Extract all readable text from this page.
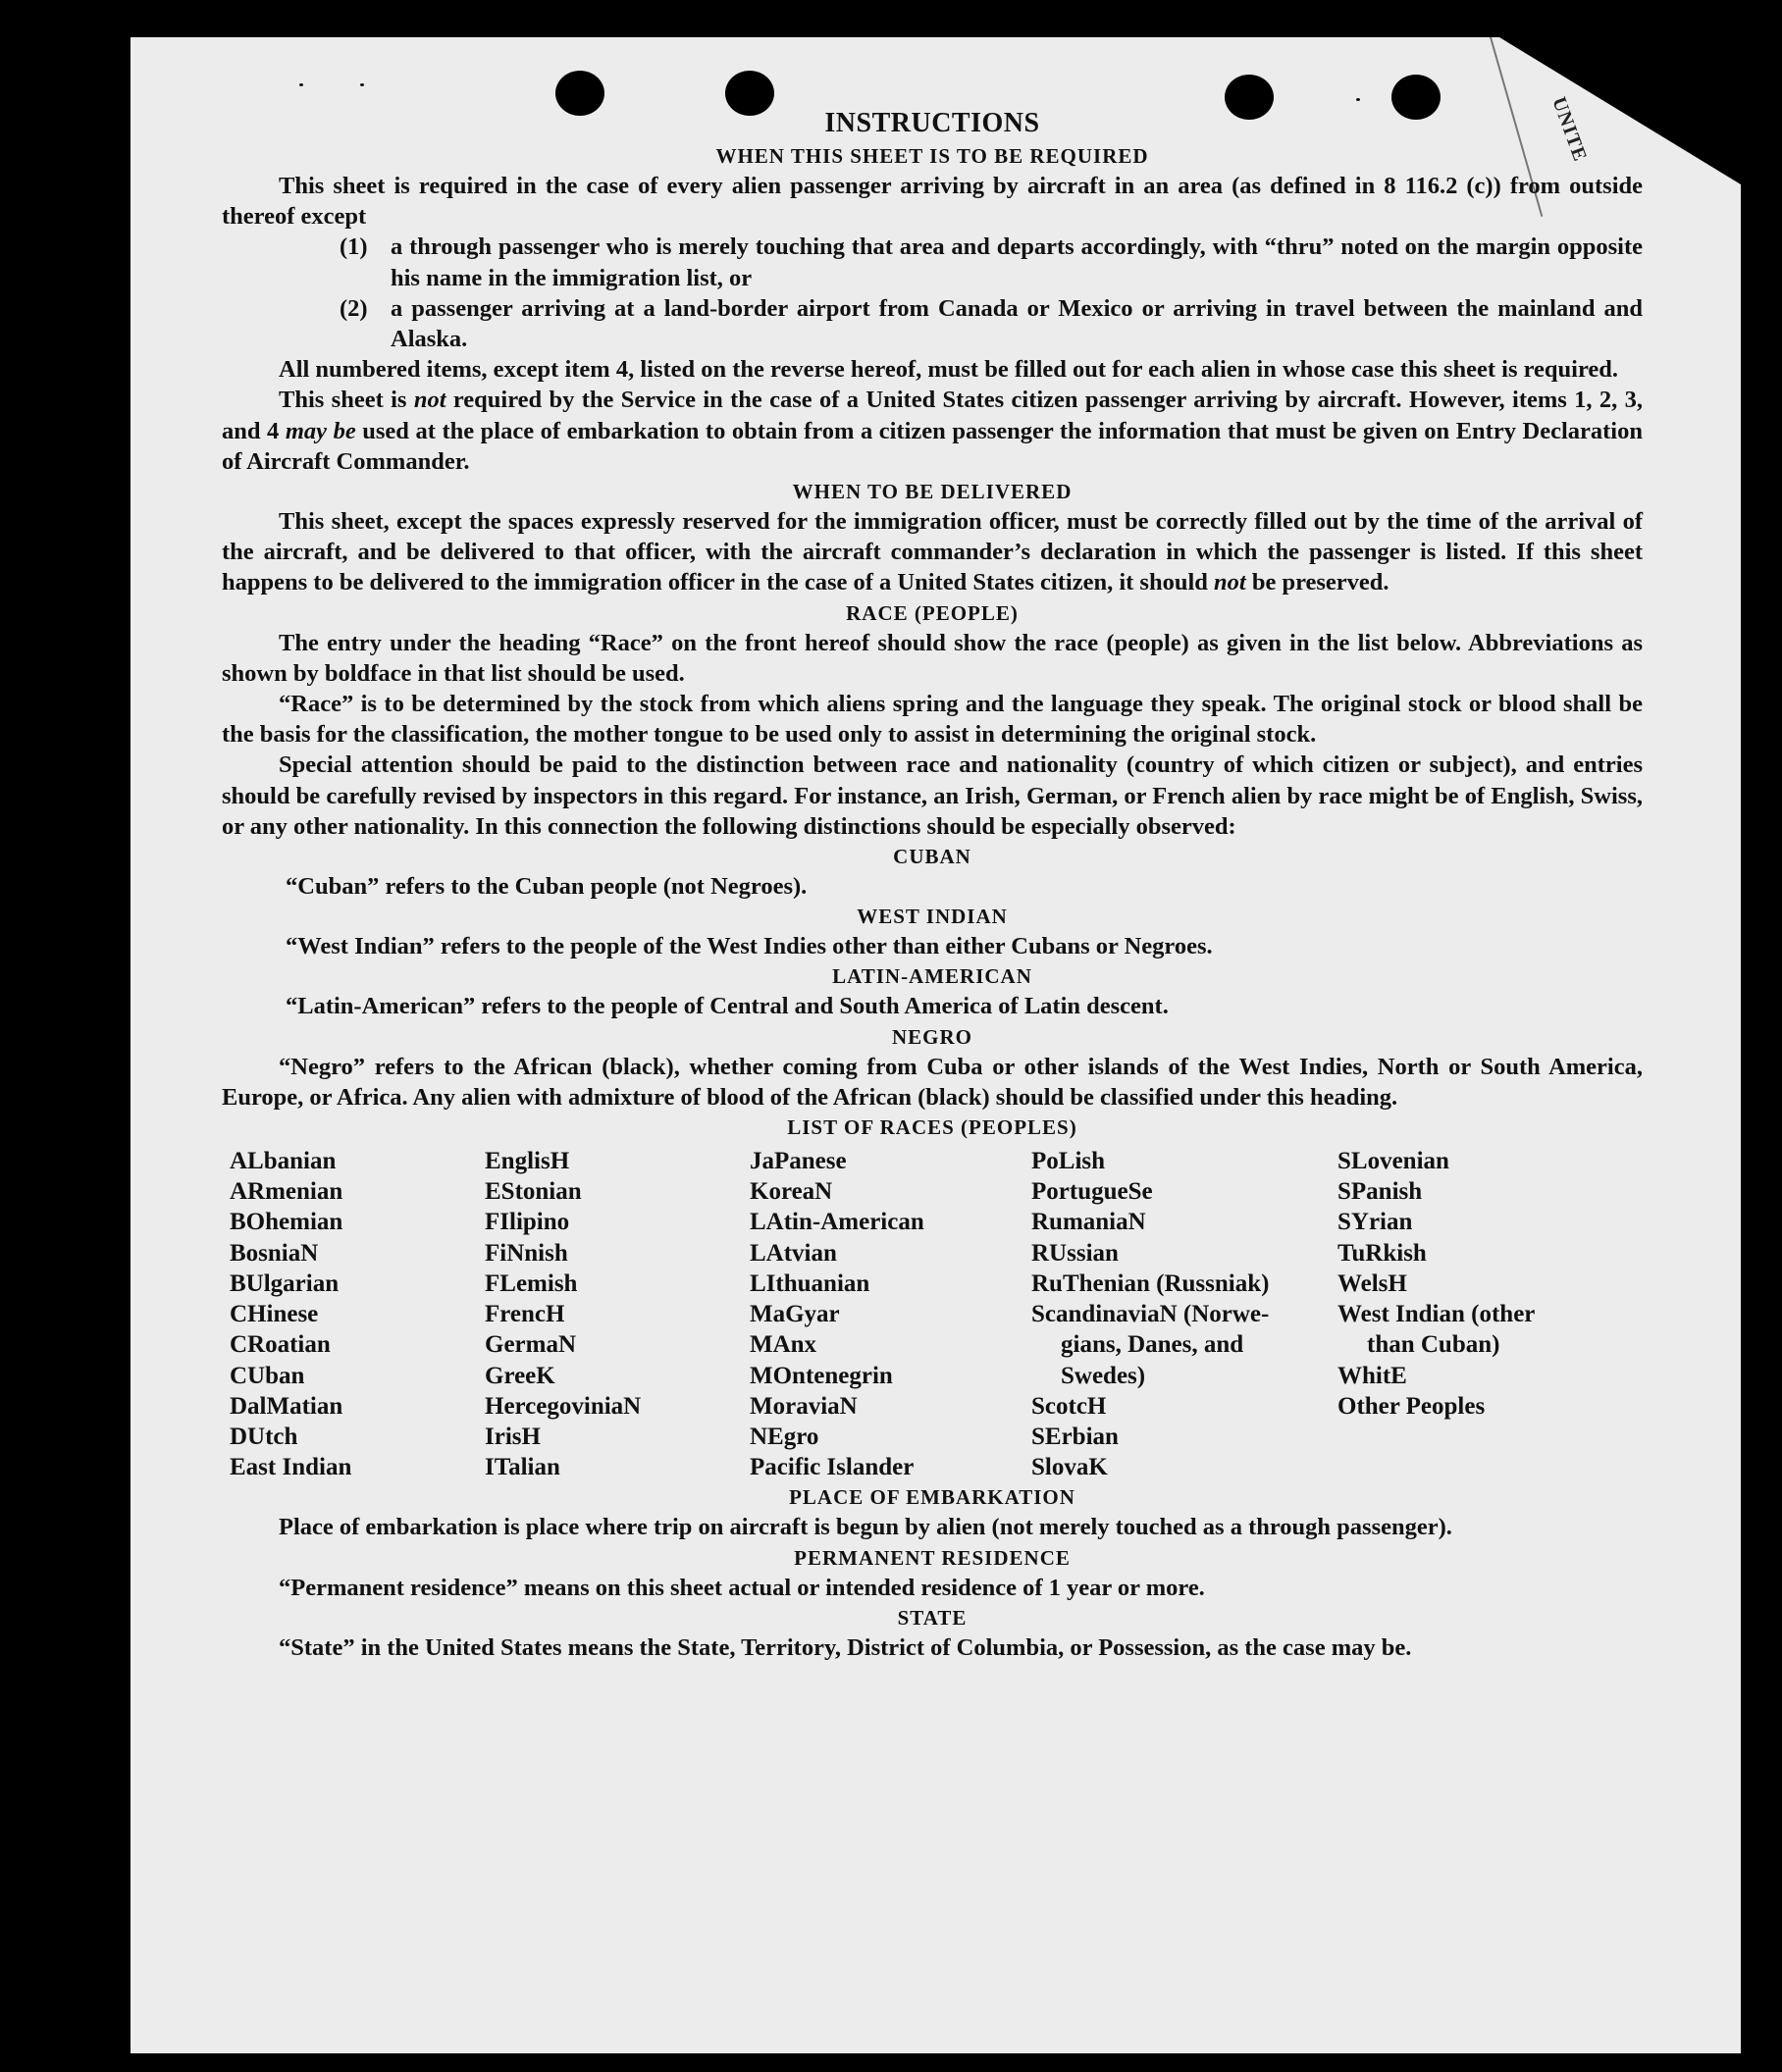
UNITE
INSTRUCTIONS
WHEN THIS SHEET IS TO BE REQUIRED

This sheet is required in the case of every alien passenger arriving by aircraft in an area (as defined in 8 116.2 (c)) from outside thereof except

(1) a through passenger who is merely touching that area and departs accordingly, with “thru” noted on the margin opposite his name in the immigration list, or
(2) a passenger arriving at a land-border airport from Canada or Mexico or arriving in travel between the mainland and Alaska.

All numbered items, except item 4, listed on the reverse hereof, must be filled out for each alien in whose case this sheet is required.

This sheet is not required by the Service in the case of a United States citizen passenger arriving by aircraft. However, items 1, 2, 3, and 4 may be used at the place of embarkation to obtain from a citizen passenger the information that must be given on Entry Declaration of Aircraft Commander.

WHEN TO BE DELIVERED

This sheet, except the spaces expressly reserved for the immigration officer, must be correctly filled out by the time of the arrival of the aircraft, and be delivered to that officer, with the aircraft commander’s declaration in which the passenger is listed. If this sheet happens to be delivered to the immigration officer in the case of a United States citizen, it should not be preserved.

RACE (PEOPLE)

The entry under the heading “Race” on the front hereof should show the race (people) as given in the list below. Abbreviations as shown by boldface in that list should be used.

“Race” is to be determined by the stock from which aliens spring and the language they speak. The original stock or blood shall be the basis for the classification, the mother tongue to be used only to assist in determining the original stock.

Special attention should be paid to the distinction between race and nationality (country of which citizen or subject), and entries should be carefully revised by inspectors in this regard. For instance, an Irish, German, or French alien by race might be of English, Swiss, or any other nationality. In this connection the following distinctions should be especially observed:

CUBAN

“Cuban” refers to the Cuban people (not Negroes).

WEST INDIAN

“West Indian” refers to the people of the West Indies other than either Cubans or Negroes.

LATIN-AMERICAN

“Latin-American” refers to the people of Central and South America of Latin descent.

NEGRO

“Negro” refers to the African (black), whether coming from Cuba or other islands of the West Indies, North or South America, Europe, or Africa. Any alien with admixture of blood of the African (black) should be classified under this heading.

LIST OF RACES (PEOPLES)
ALbanian
ARmenian
BOhemian
BosniaN
BUlgarian
CHinese
CRoatian
CUban
DalMatian
DUtch
East Indian
EnglisH
EStonian
FIlipino
FiNnish
FLemish
FrencH
GermaN
GreeK
HercegoviniaN
IrisH
ITalian
JaPanese
KoreaN
LAtin-American
LAtvian
LIthuanian
MaGyar
MAnx
MOntenegrin
MoraviaN
NEgro
Pacific Islander
PoLish
PortugueSe
RumaniaN
RUssian
RuThenian (Russniak)
ScandinaviaN (Norwe-
gians, Danes, and
Swedes)
ScotcH
SErbian
SlovaK
SLovenian
SPanish
SYrian
TuRkish
WelsH
West Indian (other
than Cuban)
WhitE
Other Peoples
PLACE OF EMBARKATION

Place of embarkation is place where trip on aircraft is begun by alien (not merely touched as a through passenger).

PERMANENT RESIDENCE

“Permanent residence” means on this sheet actual or intended residence of 1 year or more.

STATE

“State” in the United States means the State, Territory, District of Columbia, or Possession, as the case may be.
